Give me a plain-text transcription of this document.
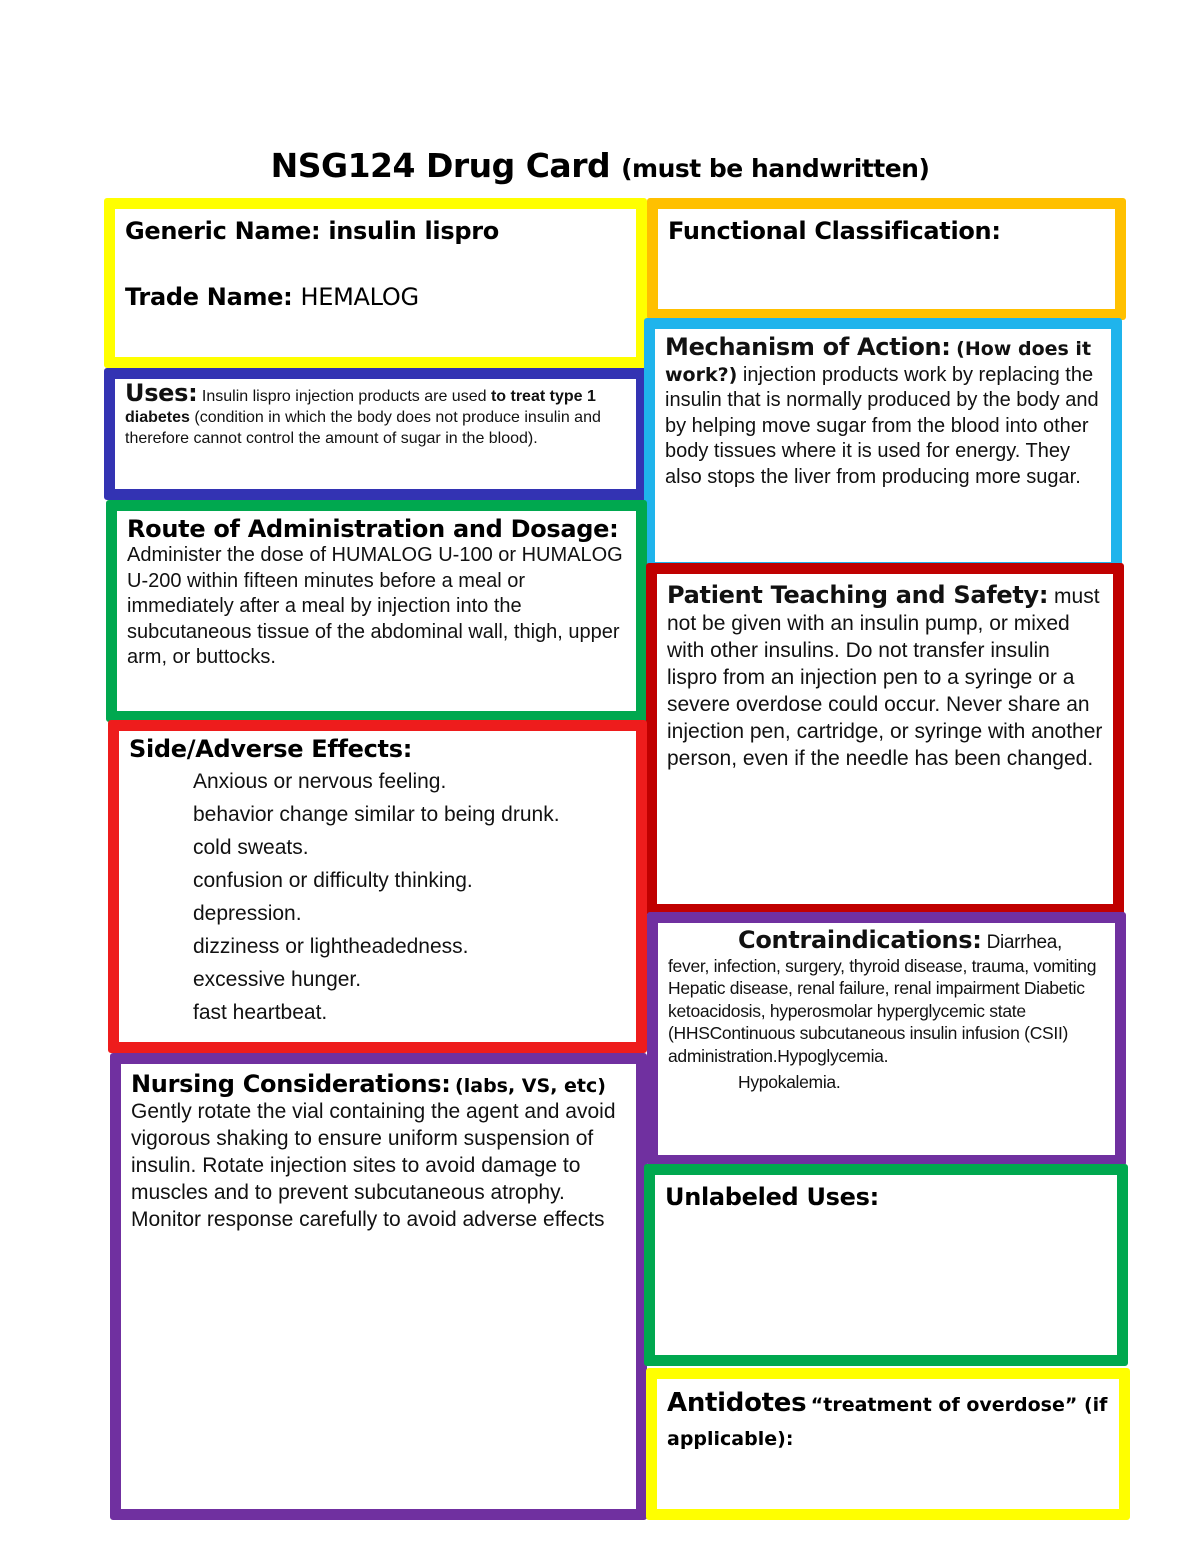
NSG124 Drug Card (must be handwritten)
Generic Name: insulin lispro
Trade Name: HEMALOG
Functional Classification:
Uses: Insulin lispro injection products are used to treat type 1 diabetes (condition in which the body does not produce insulin and therefore cannot control the amount of sugar in the blood).
Mechanism of Action: (How does it work?) injection products work by replacing the insulin that is normally produced by the body and by helping move sugar from the blood into other body tissues where it is used for energy. They also stops the liver from producing more sugar.
Route of Administration and Dosage:
Administer the dose of HUMALOG U-100 or HUMALOG U-200 within fifteen minutes before a meal or immediately after a meal by injection into the subcutaneous tissue of the abdominal wall, thigh, upper arm, or buttocks.
Patient Teaching and Safety: must not be given with an insulin pump, or mixed with other insulins. Do not transfer insulin lispro from an injection pen to a syringe or a severe overdose could occur. Never share an injection pen, cartridge, or syringe with another person, even if the needle has been changed.
Side/Adverse Effects:
Anxious or nervous feeling.
behavior change similar to being drunk.
cold sweats.
confusion or difficulty thinking.
depression.
dizziness or lightheadedness.
excessive hunger.
fast heartbeat.
Contraindications: Diarrhea,
fever, infection, surgery, thyroid disease, trauma, vomiting Hepatic disease, renal failure, renal impairment Diabetic ketoacidosis, hyperosmolar hyperglycemic state (HHSContinuous subcutaneous insulin infusion (CSII) administration.Hypoglycemia.
Hypokalemia.
Nursing Considerations: (labs, VS, etc)
Gently rotate the vial containing the agent and avoid vigorous shaking to ensure uniform suspension of insulin. Rotate injection sites to avoid damage to muscles and to prevent subcutaneous atrophy. Monitor response carefully to avoid adverse effects
Unlabeled Uses:
Antidotes “treatment of overdose” (if applicable):
